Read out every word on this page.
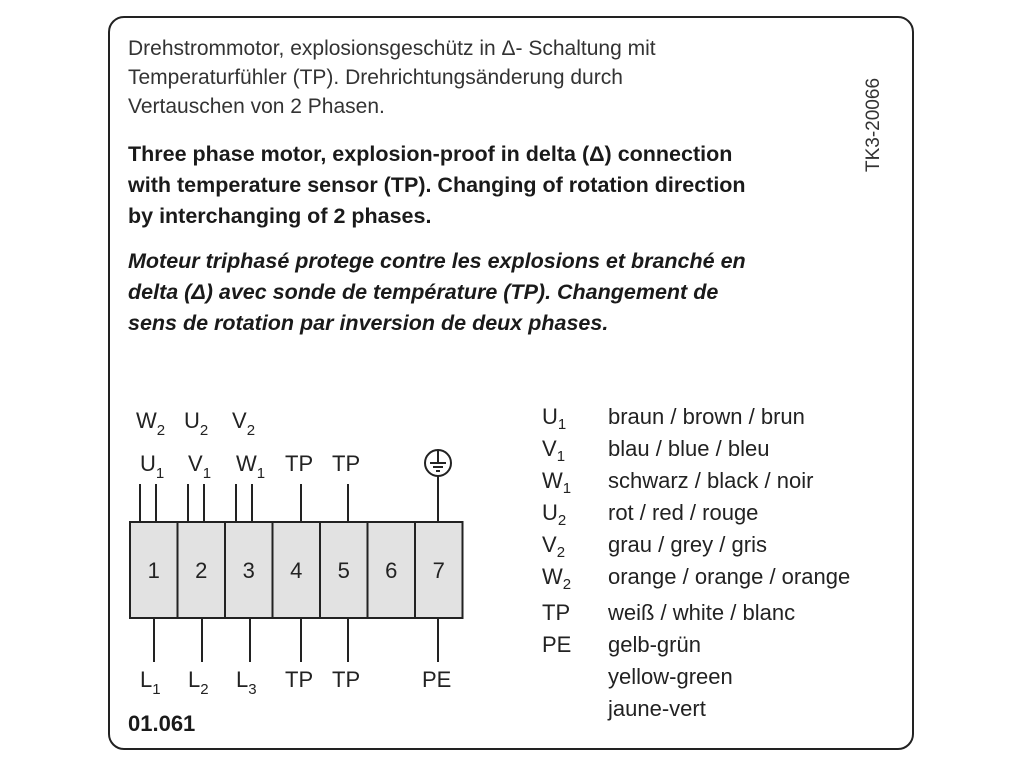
Drehstrommotor, explosionsgeschütz in Δ- Schaltung mit
Temperaturfühler (TP). Drehrichtungsänderung durch
Vertauschen von 2 Phasen.
Three phase motor, explosion-proof in delta (Δ) connection
with temperature sensor (TP). Changing of rotation direction
by interchanging of 2 phases.
Moteur triphasé protege contre les explosions et branché en
delta (Δ) avec sonde de température (TP). Changement de
sens de rotation par inversion de deux phases.
TK3-20066
1 2 3 4 5 6 7
$W_2$ $U_2$ $V_2$
$U_1$ $V_1$ $W_1$ TP TP
$L_1$ $L_2$ $L_3$ TP TP	PE
$U_1$ braun / brown / brun
$V_1$ blau / blue / bleu
$W_1$ schwarz / black / noir
$U_2$ rot / red / rouge
$V_2$ grau / grey / gris
$W_2$ orange / orange / orange
TP weiß / white / blanc
PE gelb-grün
yellow-green
jaune-vert
01.061
